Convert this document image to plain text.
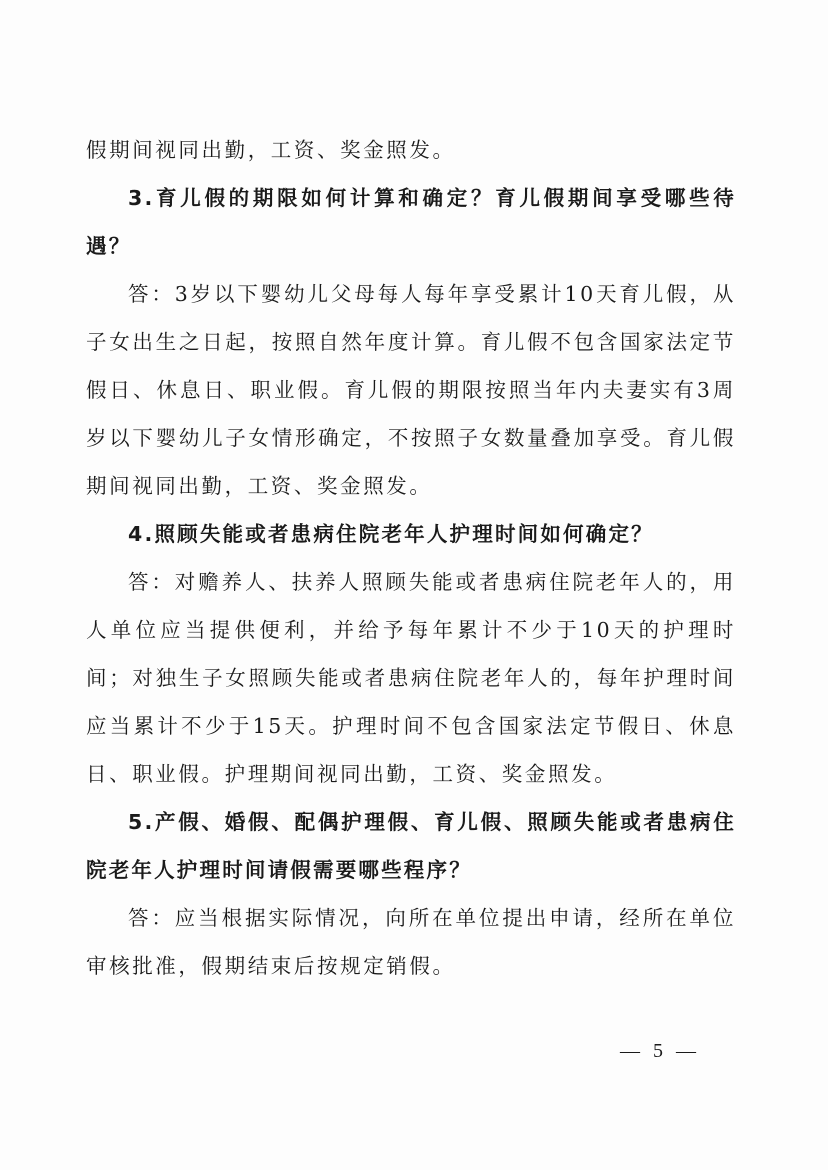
假期间视同出勤，工资、奖金照发。

3.育儿假的期限如何计算和确定？育儿假期间享受哪些待遇？

答：3岁以下婴幼儿父母每人每年享受累计10天育儿假，从子女出生之日起，按照自然年度计算。育儿假不包含国家法定节假日、休息日、职业假。育儿假的期限按照当年内夫妻实有3周岁以下婴幼儿子女情形确定，不按照子女数量叠加享受。育儿假期间视同出勤，工资、奖金照发。

4.照顾失能或者患病住院老年人护理时间如何确定？

答：对赡养人、扶养人照顾失能或者患病住院老年人的，用人单位应当提供便利，并给予每年累计不少于10天的护理时间；对独生子女照顾失能或者患病住院老年人的，每年护理时间应当累计不少于15天。护理时间不包含国家法定节假日、休息日、职业假。护理期间视同出勤，工资、奖金照发。

5.产假、婚假、配偶护理假、育儿假、照顾失能或者患病住院老年人护理时间请假需要哪些程序？

答：应当根据实际情况，向所在单位提出申请，经所在单位审核批准，假期结束后按规定销假。

— 5 —
